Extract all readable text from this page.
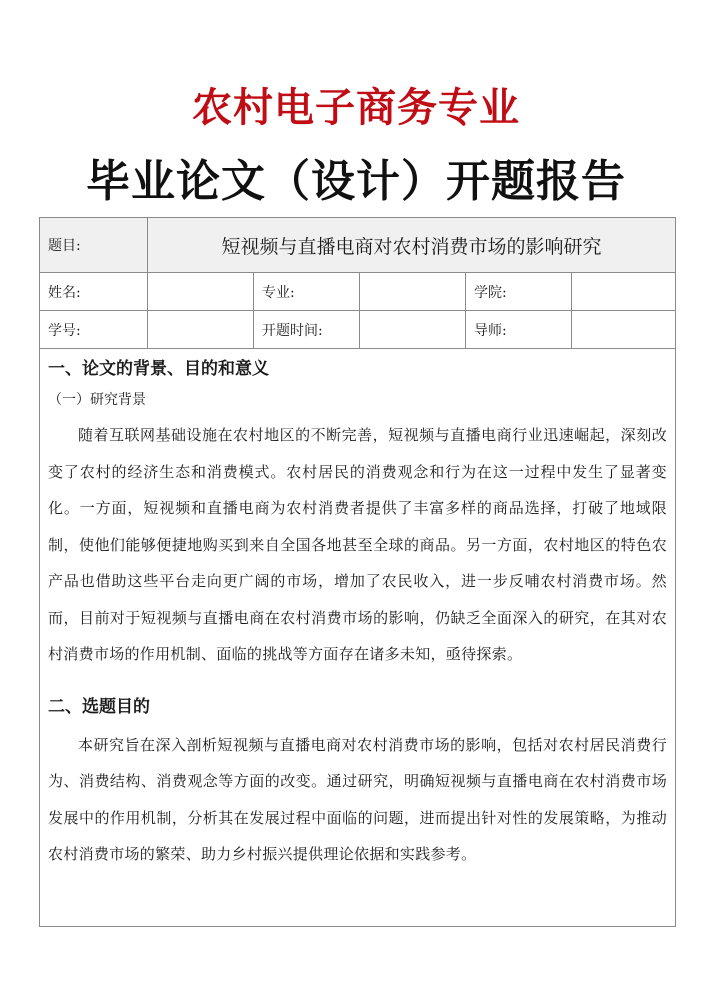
农村电子商务专业
毕业论文（设计）开题报告
题目:	短视频与直播电商对农村消费市场的影响研究
姓名:	专业:	学院:
学号:	开题时间:	导师:
一、论文的背景、目的和意义
（一）研究背景

随着互联网基础设施在农村地区的不断完善，短视频与直播电商行业迅速崛起，深刻改变了农村的经济生态和消费模式。农村居民的消费观念和行为在这一过程中发生了显著变化。一方面，短视频和直播电商为农村消费者提供了丰富多样的商品选择，打破了地域限制，使他们能够便捷地购买到来自全国各地甚至全球的商品。另一方面，农村地区的特色农产品也借助这些平台走向更广阔的市场，增加了农民收入，进一步反哺农村消费市场。然而，目前对于短视频与直播电商在农村消费市场的影响，仍缺乏全面深入的研究，在其对农村消费市场的作用机制、面临的挑战等方面存在诸多未知，亟待探索。

二、选题目的

本研究旨在深入剖析短视频与直播电商对农村消费市场的影响，包括对农村居民消费行为、消费结构、消费观念等方面的改变。通过研究，明确短视频与直播电商在农村消费市场发展中的作用机制，分析其在发展过程中面临的问题，进而提出针对性的发展策略，为推动农村消费市场的繁荣、助力乡村振兴提供理论依据和实践参考。
